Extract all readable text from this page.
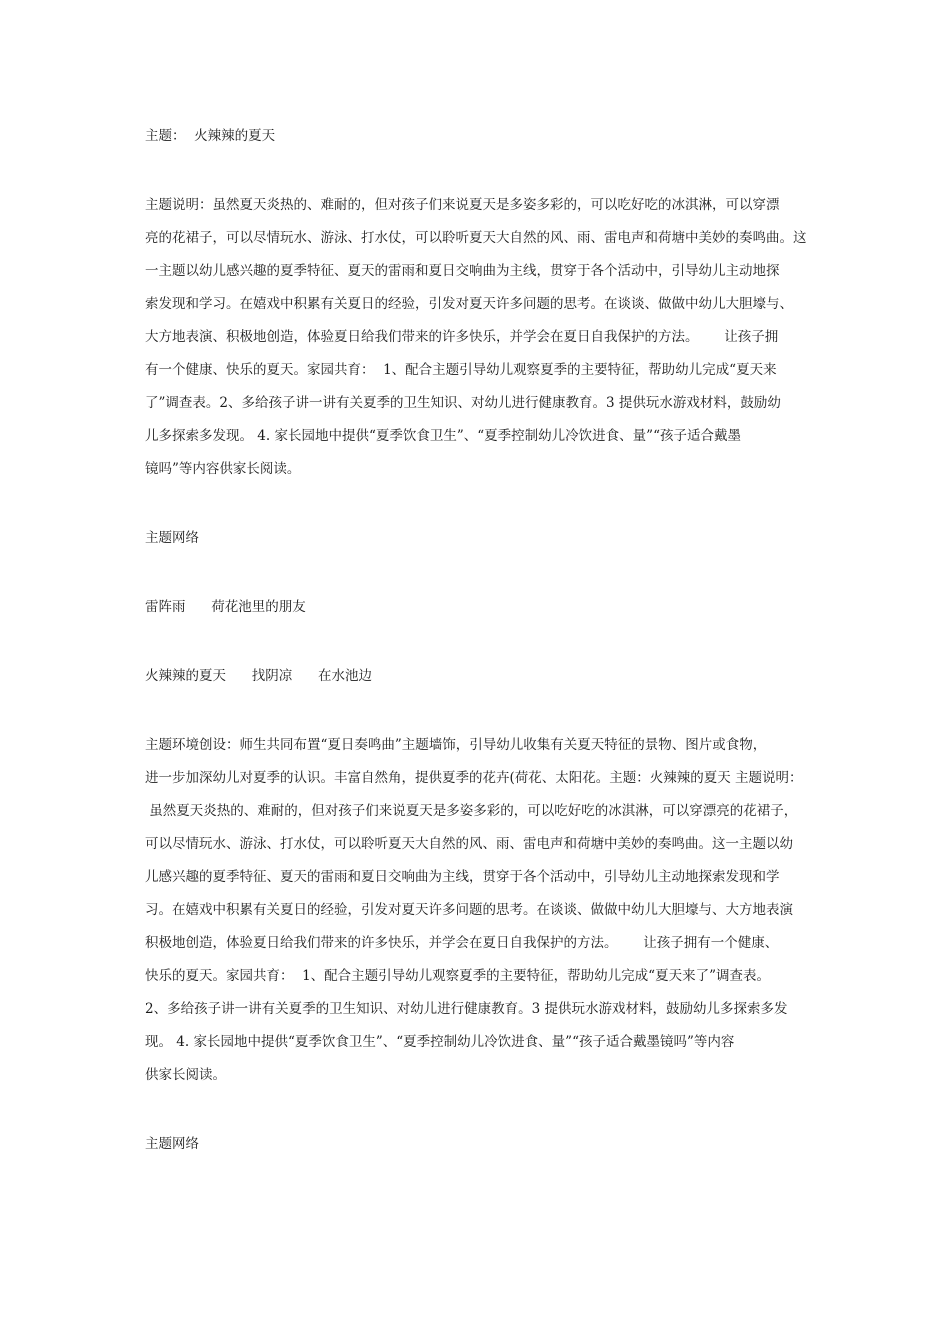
主题：  火辣辣的夏天
主题说明：虽然夏天炎热的、难耐的，但对孩子们来说夏天是多姿多彩的，可以吃好吃的冰淇淋，可以穿漂
亮的花裙子，可以尽情玩水、游泳、打水仗，可以聆听夏天大自然的风、雨、雷电声和荷塘中美妙的奏鸣曲。这
一主题以幼儿感兴趣的夏季特征、夏天的雷雨和夏日交响曲为主线，贯穿于各个活动中，引导幼儿主动地探
索发现和学习。在嬉戏中积累有关夏日的经验，引发对夏天许多问题的思考。在谈谈、做做中幼儿大胆壕与、
大方地表演、积极地创造，体验夏日给我们带来的许多快乐，并学会在夏日自我保护的方法。      让孩子拥
有一个健康、快乐的夏天。家园共育：  1、配合主题引导幼儿观察夏季的主要特征，帮助幼儿完成“夏天来
了”调查表。2、多给孩子讲一讲有关夏季的卫生知识、对幼儿进行健康教育。3 提供玩水游戏材料，鼓励幼
儿多探索多发现。 4. 家长园地中提供“夏季饮食卫生”、“夏季控制幼儿冷饮进食、量”“孩子适合戴墨
镜吗”等内容供家长阅读。
主题网络
雷阵雨      荷花池里的朋友
火辣辣的夏天      找阴凉      在水池边
主题环境创设：师生共同布置“夏日奏鸣曲”主题墙饰，引导幼儿收集有关夏天特征的景物、图片或食物，
进一步加深幼儿对夏季的认识。丰富自然角，提供夏季的花卉(荷花、太阳花。主题：火辣辣的夏天 主题说明：
虽然夏天炎热的、难耐的，但对孩子们来说夏天是多姿多彩的，可以吃好吃的冰淇淋，可以穿漂亮的花裙子，
可以尽情玩水、游泳、打水仗，可以聆听夏天大自然的风、雨、雷电声和荷塘中美妙的奏鸣曲。这一主题以幼
儿感兴趣的夏季特征、夏天的雷雨和夏日交响曲为主线，贯穿于各个活动中，引导幼儿主动地探索发现和学
习。在嬉戏中积累有关夏日的经验，引发对夏天许多问题的思考。在谈谈、做做中幼儿大胆壕与、大方地表演
积极地创造，体验夏日给我们带来的许多快乐，并学会在夏日自我保护的方法。      让孩子拥有一个健康、
快乐的夏天。家园共育：  1、配合主题引导幼儿观察夏季的主要特征，帮助幼儿完成“夏天来了”调查表。
2、多给孩子讲一讲有关夏季的卫生知识、对幼儿进行健康教育。3 提供玩水游戏材料，鼓励幼儿多探索多发
现。 4. 家长园地中提供“夏季饮食卫生”、“夏季控制幼儿冷饮进食、量”“孩子适合戴墨镜吗”等内容
供家长阅读。
主题网络
